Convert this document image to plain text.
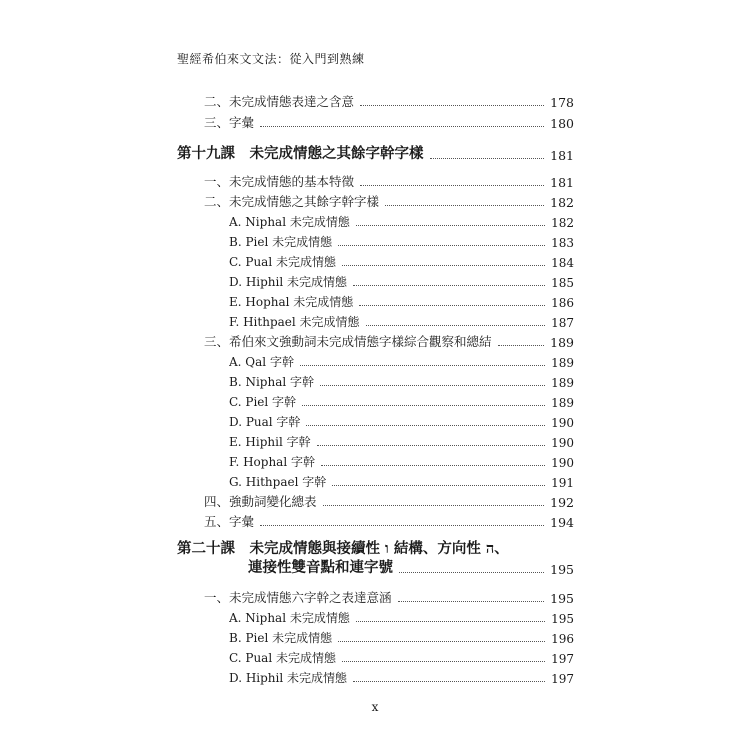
聖經希伯來文文法：從入門到熟練
二、未完成情態表達之含意	178
三、字彙	180
第十九課　未完成情態之其餘字幹字樣	181
一、未完成情態的基本特徵	181
二、未完成情態之其餘字幹字樣	182
A. Niphal 未完成情態	182
B. Piel 未完成情態	183
C. Pual 未完成情態	184
D. Hiphil 未完成情態	185
E. Hophal 未完成情態	186
F. Hithpael 未完成情態	187
三、希伯來文強動詞未完成情態字樣綜合觀察和總結	189
A. Qal 字幹	189
B. Niphal 字幹	189
C. Piel 字幹	189
D. Pual 字幹	190
E. Hiphil 字幹	190
F. Hophal 字幹	190
G. Hithpael 字幹	191
四、強動詞變化總表	192
五、字彙	194
第二十課　未完成情態與接續性 ו 結構、方向性 ה、
連接性雙音點和連字號	195
一、未完成情態六字幹之表達意涵	195
A. Niphal 未完成情態	195
B. Piel 未完成情態	196
C. Pual 未完成情態	197
D. Hiphil 未完成情態	197
x
